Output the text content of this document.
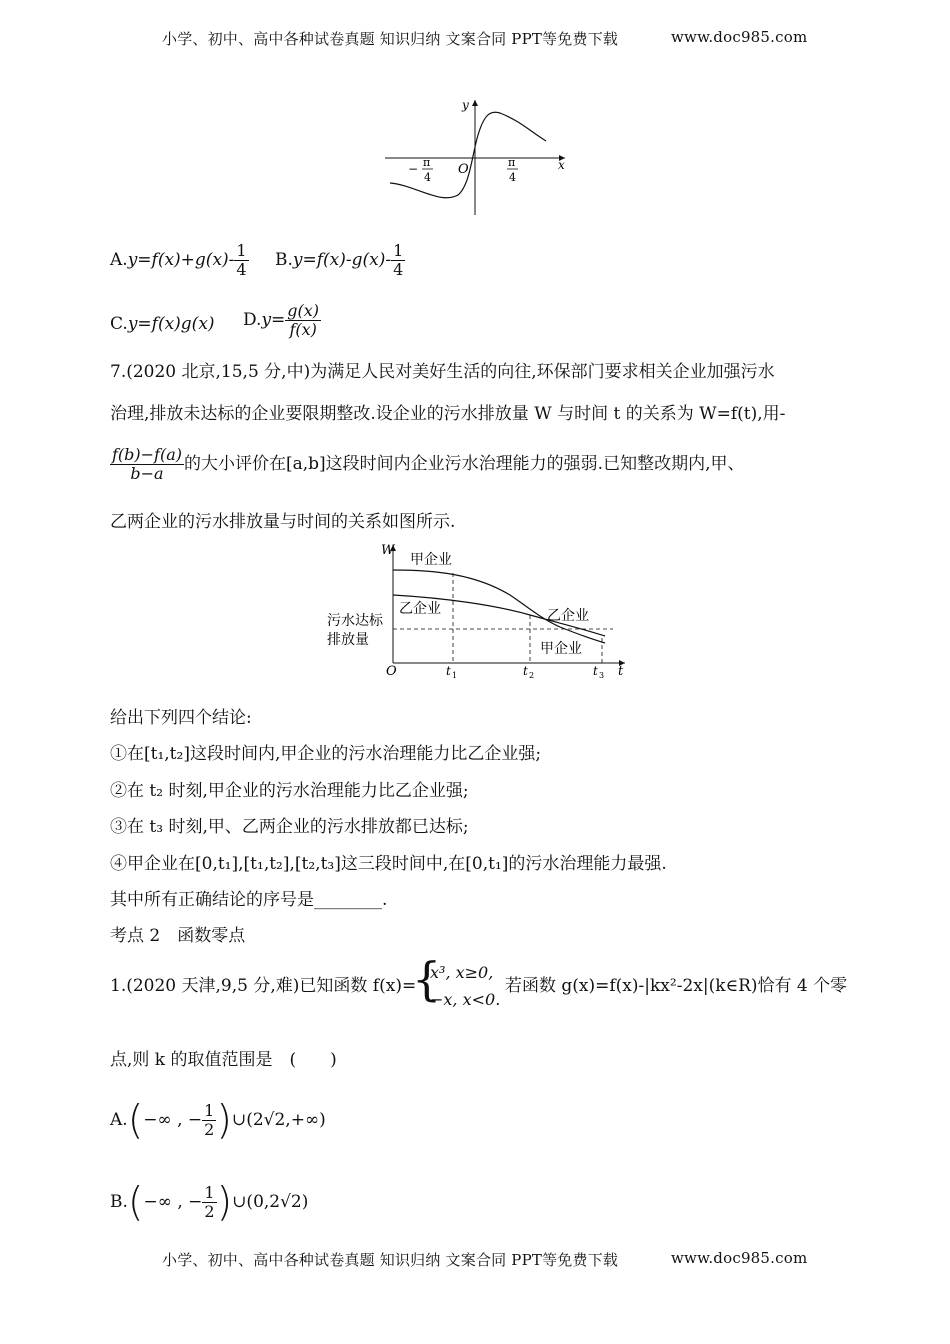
小学、初中、高中各种试卷真题 知识归纳 文案合同 PPT等免费下载	www.doc985.com
y
x
O
− π
4
π
4
$A.y=f(x)+g(x)- \frac{1}{4} B.y=f(x)-g(x)- \frac{1}{4}$
C.y=f(x)g(x) $D.y= \frac{g(x)}{f(x)}$
7.(2020 北京,15,5 分,中)为满足人民对美好生活的向往,环保部门要求相关企业加强污水
治理,排放未达标的企业要限期整改.设企业的污水排放量 W 与时间 t 的关系为 W=f(t),用-
$\frac{f(b)-f(a)}{b-a}$ 的大小评价在[a,b]这段时间内企业污水治理能力的强弱.已知整改期内,甲、
乙两企业的污水排放量与时间的关系如图所示.
W
t
O
甲企业
乙企业	乙企业
甲企业
污水达标
排放量
t 1	t 2	t 3
给出下列四个结论:
①在[t₁,t₂]这段时间内,甲企业的污水治理能力比乙企业强;
②在 t₂ 时刻,甲企业的污水治理能力比乙企业强;
③在 t₃ 时刻,甲、乙两企业的污水排放都已达标;
④甲企业在[0,t₁],[t₁,t₂],[t₂,t₃]这三段时间中,在[0,t₁]的污水治理能力最强.
其中所有正确结论的序号是________.
考点 2　函数零点
1.(2020 天津,9,5 分,难)已知函数 f(x)=
{
x³, x≥0,
−x, x<0.
若函数 g(x)=f(x)-|kx²-2x|(k∈R)恰有 4 个零
点,则 k 的取值范围是　(　　)
A.(−∞ , − $\frac{1}{2}$ )∪(2√2,+∞)
B.(−∞ , − $\frac{1}{2}$ )∪(0,2√2)
小学、初中、高中各种试卷真题 知识归纳 文案合同 PPT等免费下载	www.doc985.com
